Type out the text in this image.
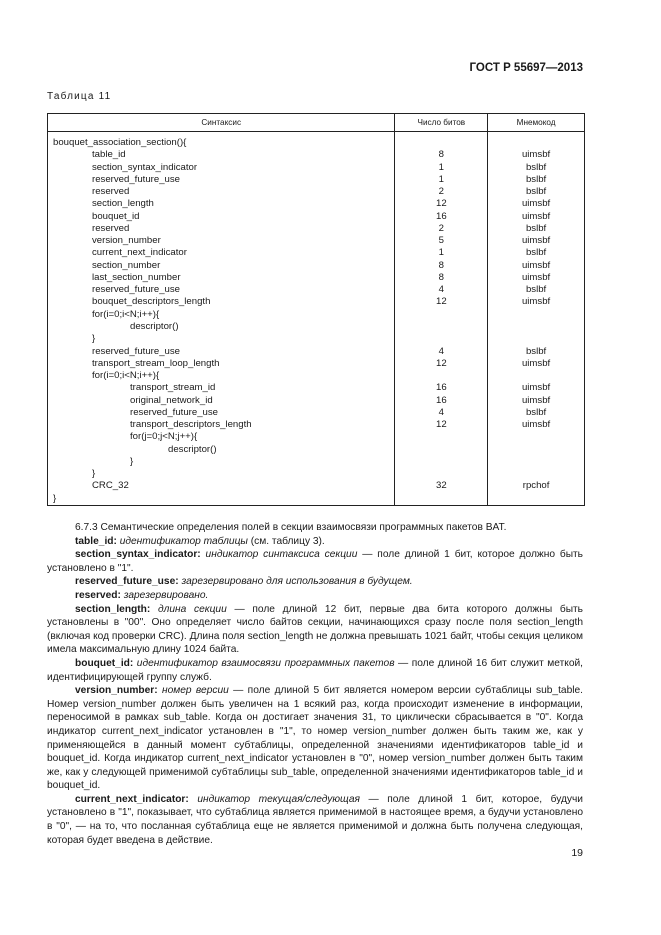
ГОСТ Р 55697—2013
Таблица 11
Синтаксис	Число битов	Мнемокод
bouquet_association_section(){		
table_id	8	uimsbf
section_syntax_indicator	1	bslbf
reserved_future_use	1	bslbf
reserved	2	bslbf
section_length	12	uimsbf
bouquet_id	16	uimsbf
reserved	2	bslbf
version_number	5	uimsbf
current_next_indicator	1	bslbf
section_number	8	uimsbf
last_section_number	8	uimsbf
reserved_future_use	4	bslbf
bouquet_descriptors_length	12	uimsbf
for(i=0;i<N;i++){		
descriptor()		
}		
reserved_future_use	4	bslbf
transport_stream_loop_length	12	uimsbf
for(i=0;i<N;i++){		
transport_stream_id	16	uimsbf
original_network_id	16	uimsbf
reserved_future_use	4	bslbf
transport_descriptors_length	12	uimsbf
for(j=0;j<N;j++){		
descriptor()		
}		
}		
CRC_32	32	rpchof
}		

6.7.3 Семантические определения полей в секции взаимосвязи программных пакетов BAT.

table_id: идентификатор таблицы (см. таблицу 3).

section_syntax_indicator: индикатор синтаксиса секции — поле длиной 1 бит, которое должно быть установлено в "1".

reserved_future_use: зарезервировано для использования в будущем.

reserved: зарезервировано.

section_length: длина секции — поле длиной 12 бит, первые два бита которого должны быть установлены в "00". Оно определяет число байтов секции, начинающихся сразу после поля section_length (включая код проверки CRC). Длина поля section_length не должна превышать 1021 байт, чтобы секция целиком имела максимальную длину 1024 байта.

bouquet_id: идентификатор взаимосвязи программных пакетов — поле длиной 16 бит служит меткой, идентифицирующей группу служб.

version_number: номер версии — поле длиной 5 бит является номером версии субтаблицы sub_table. Номер version_number должен быть увеличен на 1 всякий раз, когда происходит изменение в информации, переносимой в рамках sub_table. Когда он достигает значения 31, то циклически сбрасывается в "0". Когда индикатор current_next_indicator установлен в "1", то номер version_number должен быть таким же, как у применяющейся в данный момент субтаблицы, определенной значениями идентификаторов table_id и bouquet_id. Когда индикатор current_next_indicator установлен в "0", номер version_number должен быть таким же, как у следующей применимой субтаблицы sub_table, определенной значениями идентификаторов table_id и bouquet_id.

current_next_indicator: индикатор текущая/следующая — поле длиной 1 бит, которое, будучи установлено в "1", показывает, что субтаблица является применимой в настоящее время, а будучи установлено в "0", — на то, что посланная субтаблица еще не является применимой и должна быть получена следующая, которая будет введена в действие.

19
